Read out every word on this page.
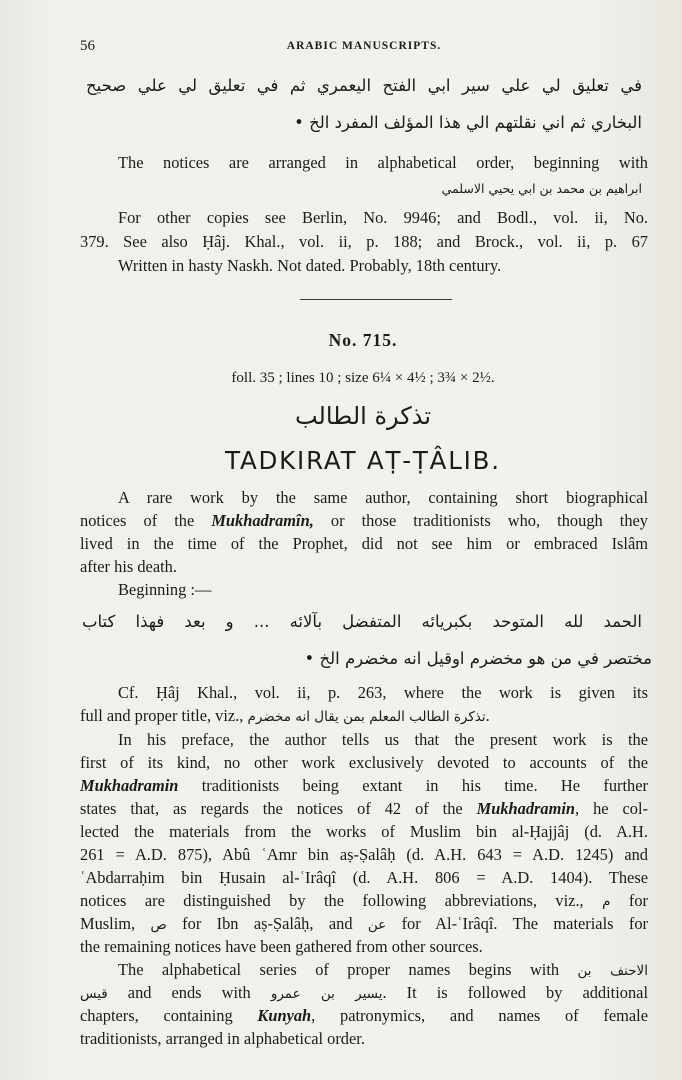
56	ARABIC MANUSCRIPTS.
في تعليق لي علي سير ابي الفتح اليعمري ثم في تعليق لي علي صحيح
البخاري ثم اني نقلتهم الي هذا المؤلف المفرد الخ •
The notices are arranged in alphabetical order, beginning with
ابراهيم بن محمد بن ابي يحيي الاسلمي
For other copies see Berlin, No. 9946; and Bodl., vol. ii, No.
379. See also Ḥâj. Khal., vol. ii, p. 188; and Brock., vol. ii, p. 67
Written in hasty Naskh. Not dated. Probably, 18th century.
No. 715.
foll. 35 ; lines 10 ; size 6¼ × 4½ ; 3¾ × 2½.
تذكرة الطالب
TADKIRAT AṬ-ṬÂLIB.
A rare work by the same author, containing short biographical
notices of the Mukhadramîn, or those traditionists who, though they
lived in the time of the Prophet, did not see him or embraced Islâm
after his death.
Beginning :—
الحمد لله المتوحد بكبريائه المتفضل بآلائه ... و بعد فهذا كتاب
مختصر في من هو مخضرم اوقيل انه مخضرم الخ •
Cf. Ḥâj Khal., vol. ii, p. 263, where the work is given its
full and proper title, viz., تذكرة الطالب المعلم بمن يقال انه مخضرم.
In his preface, the author tells us that the present work is the
first of its kind, no other work exclusively devoted to accounts of the
Mukhadramin traditionists being extant in his time. He further
states that, as regards the notices of 42 of the Mukhadramin, he col-
lected the materials from the works of Muslim bin al-Ḥajjâj (d. A.H.
261 = A.D. 875), Abû ʿAmr bin aṣ-Ṣalâḥ (d. A.H. 643 = A.D. 1245) and
ʿAbdarraḥim bin Ḥusain al-ʿIrâqî (d. A.H. 806 = A.D. 1404). These
notices are distinguished by the following abbreviations, viz., م for
Muslim, ص for Ibn aṣ-Ṣalâḥ, and عن for Al-ʿIrâqî. The materials for
the remaining notices have been gathered from other sources.
The alphabetical series of proper names begins with الاحنف بن
قيس and ends with يسير بن عمرو. It is followed by additional
chapters, containing Kunyah, patronymics, and names of female
traditionists, arranged in alphabetical order.
